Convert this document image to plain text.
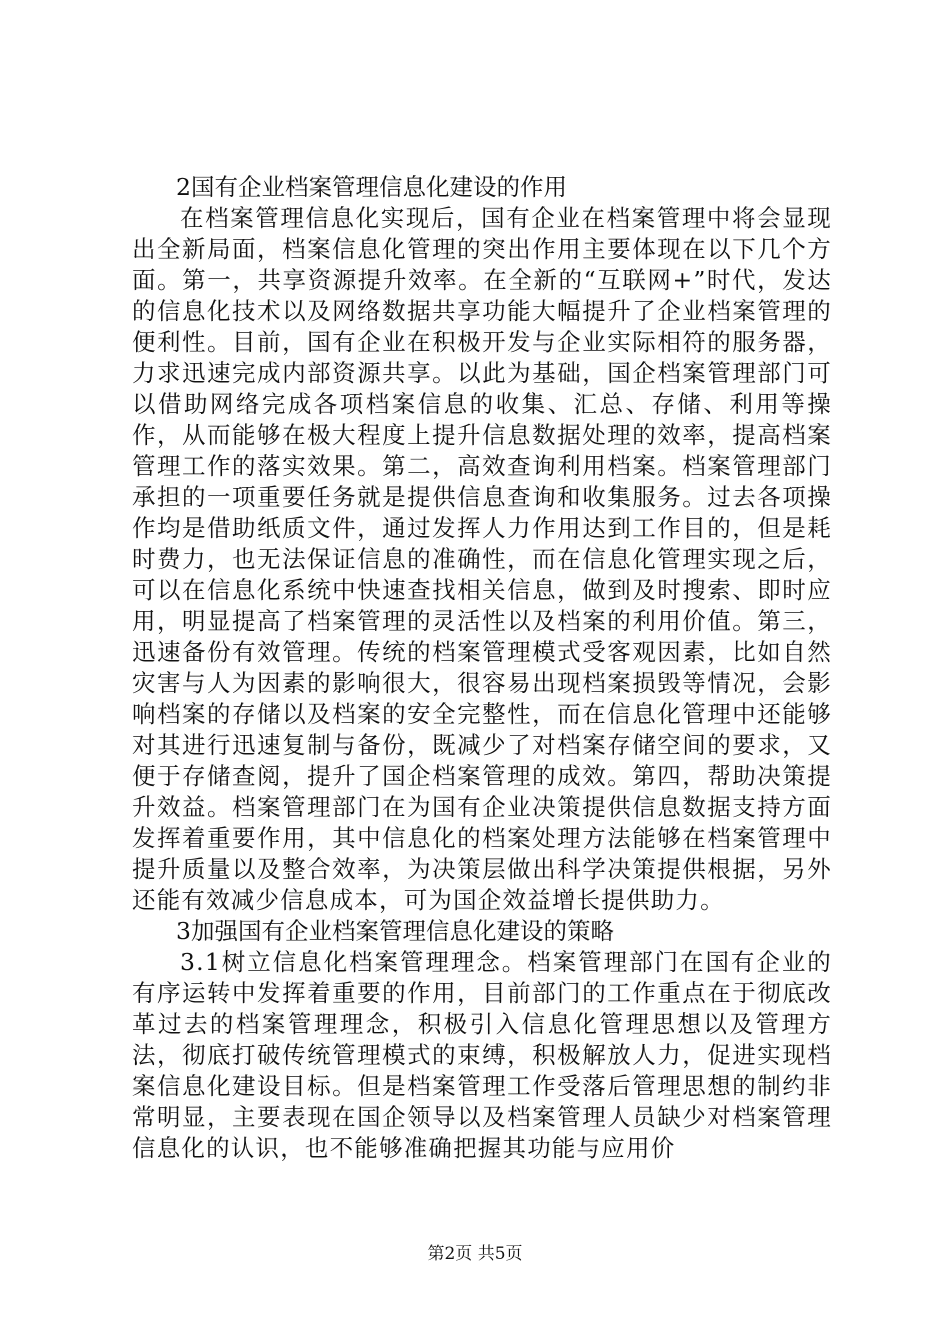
2国有企业档案管理信息化建设的作用

在档案管理信息化实现后，国有企业在档案管理中将会显现出全新局面，档案信息化管理的突出作用主要体现在以下几个方面。第一，共享资源提升效率。在全新的“互联网+”时代，发达的信息化技术以及网络数据共享功能大幅提升了企业档案管理的便利性。目前，国有企业在积极开发与企业实际相符的服务器，力求迅速完成内部资源共享。以此为基础，国企档案管理部门可以借助网络完成各项档案信息的收集、汇总、存储、利用等操作，从而能够在极大程度上提升信息数据处理的效率，提高档案管理工作的落实效果。第二，高效查询利用档案。档案管理部门承担的一项重要任务就是提供信息查询和收集服务。过去各项操作均是借助纸质文件，通过发挥人力作用达到工作目的，但是耗时费力，也无法保证信息的准确性，而在信息化管理实现之后，可以在信息化系统中快速查找相关信息，做到及时搜索、即时应用，明显提高了档案管理的灵活性以及档案的利用价值。第三，迅速备份有效管理。传统的档案管理模式受客观因素，比如自然灾害与人为因素的影响很大，很容易出现档案损毁等情况，会影响档案的存储以及档案的安全完整性，而在信息化管理中还能够对其进行迅速复制与备份，既减少了对档案存储空间的要求，又便于存储查阅，提升了国企档案管理的成效。第四，帮助决策提升效益。档案管理部门在为国有企业决策提供信息数据支持方面发挥着重要作用，其中信息化的档案处理方法能够在档案管理中提升质量以及整合效率，为决策层做出科学决策提供根据，另外还能有效减少信息成本，可为国企效益增长提供助力。

3加强国有企业档案管理信息化建设的策略

3.1树立信息化档案管理理念。档案管理部门在国有企业的有序运转中发挥着重要的作用，目前部门的工作重点在于彻底改革过去的档案管理理念，积极引入信息化管理思想以及管理方法，彻底打破传统管理模式的束缚，积极解放人力，促进实现档案信息化建设目标。但是档案管理工作受落后管理思想的制约非常明显，主要表现在国企领导以及档案管理人员缺少对档案管理信息化的认识，也不能够准确把握其功能与应用价

第2页 共5页
